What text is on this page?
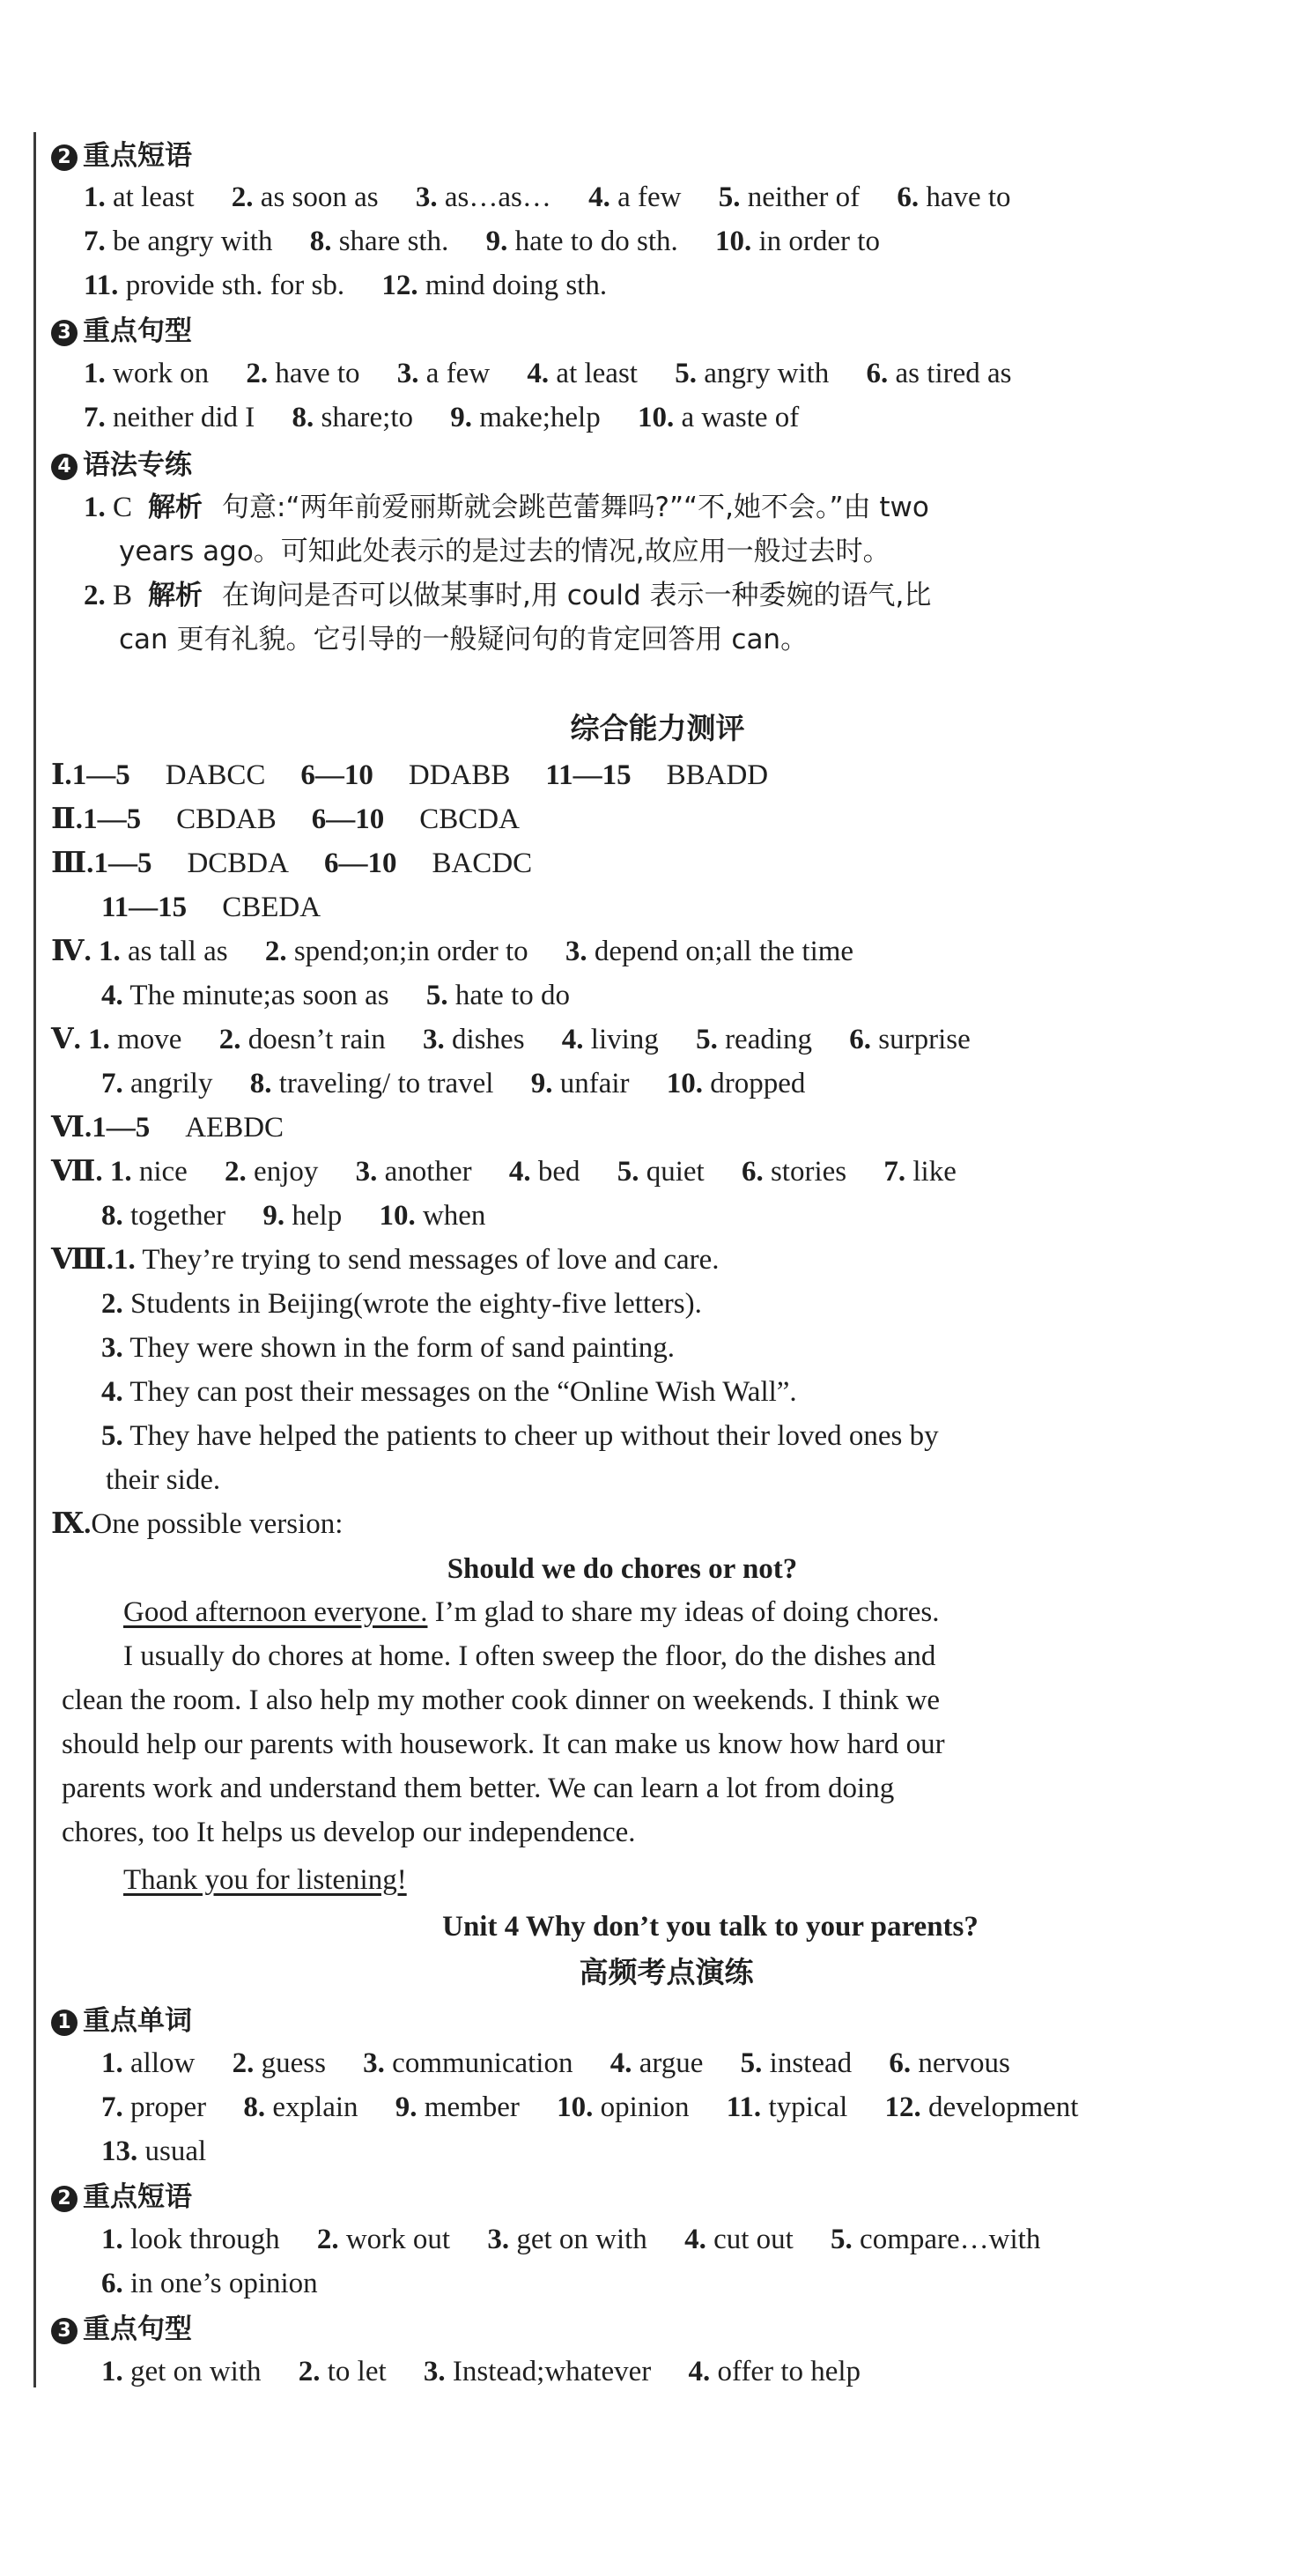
2 重点短语
1. at least 2. as soon as 3. as…as… 4. a few 5. neither of 6. have to
7. be angry with 8. share sth. 9. hate to do sth. 10. in order to
11. provide sth. for sb. 12. mind doing sth.
3 重点句型
1. work on 2. have to 3. a few 4. at least 5. angry with 6. as tired as
7. neither did I 8. share;to 9. make;help 10. a waste of
4 语法专练
1. C 解析 句意:“两年前爱丽斯就会跳芭蕾舞吗?”“不,她不会。”由 two
years ago。可知此处表示的是过去的情况,故应用一般过去时。
2. B 解析 在询问是否可以做某事时,用 could 表示一种委婉的语气,比
can 更有礼貌。它引导的一般疑问句的肯定回答用 can。
综合能力测评
Ⅰ.1—5 DABCC 6—10 DDABB 11—15 BBADD
Ⅱ.1—5 CBDAB 6—10 CBCDA
Ⅲ.1—5 DCBDA 6—10 BACDC
11—15 CBEDA
Ⅳ. 1. as tall as 2. spend;on;in order to 3. depend on;all the time
4. The minute;as soon as 5. hate to do
Ⅴ. 1. move 2. doesn’t rain 3. dishes 4. living 5. reading 6. surprise
7. angrily 8. traveling/ to travel 9. unfair 10. dropped
Ⅵ.1—5 AEBDC
Ⅶ. 1. nice 2. enjoy 3. another 4. bed 5. quiet 6. stories 7. like
8. together 9. help 10. when
Ⅷ.1. They’re trying to send messages of love and care.
2. Students in Beijing(wrote the eighty-five letters).
3. They were shown in the form of sand painting.
4. They can post their messages on the “Online Wish Wall”.
5. They have helped the patients to cheer up without their loved ones by
their side.
Ⅸ.One possible version:
Should we do chores or not?
Good afternoon everyone. I’m glad to share my ideas of doing chores.
I usually do chores at home. I often sweep the floor, do the dishes and
clean the room. I also help my mother cook dinner on weekends. I think we
should help our parents with housework. It can make us know how hard our
parents work and understand them better. We can learn a lot from doing
chores, too It helps us develop our independence.
Thank you for listening!
Unit 4 Why don’t you talk to your parents?
高频考点演练
1 重点单词
1. allow 2. guess 3. communication 4. argue 5. instead 6. nervous
7. proper 8. explain 9. member 10. opinion 11. typical 12. development
13. usual
2 重点短语
1. look through 2. work out 3. get on with 4. cut out 5. compare…with
6. in one’s opinion
3 重点句型
1. get on with 2. to let 3. Instead;whatever 4. offer to help
